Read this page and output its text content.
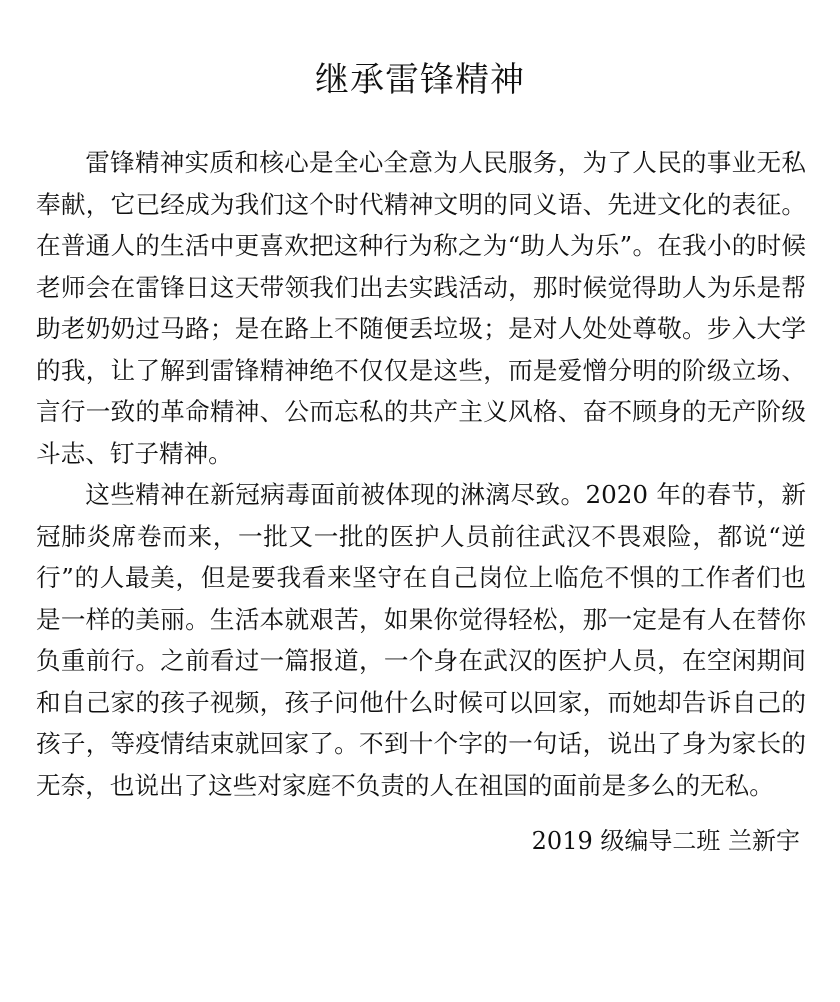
继承雷锋精神

雷锋精神实质和核心是全心全意为人民服务，为了人民的事业无私奉献，它已经成为我们这个时代精神文明的同义语、先进文化的表征。在普通人的生活中更喜欢把这种行为称之为“助人为乐”。在我小的时候老师会在雷锋日这天带领我们出去实践活动，那时候觉得助人为乐是帮助老奶奶过马路；是在路上不随便丢垃圾；是对人处处尊敬。步入大学的我，让了解到雷锋精神绝不仅仅是这些，而是爱憎分明的阶级立场、言行一致的革命精神、公而忘私的共产主义风格、奋不顾身的无产阶级斗志、钉子精神。

这些精神在新冠病毒面前被体现的淋漓尽致。2020 年的春节，新冠肺炎席卷而来，一批又一批的医护人员前往武汉不畏艰险，都说“逆行”的人最美，但是要我看来坚守在自己岗位上临危不惧的工作者们也是一样的美丽。生活本就艰苦，如果你觉得轻松，那一定是有人在替你负重前行。之前看过一篇报道，一个身在武汉的医护人员，在空闲期间和自己家的孩子视频，孩子问他什么时候可以回家，而她却告诉自己的孩子，等疫情结束就回家了。不到十个字的一句话，说出了身为家长的无奈，也说出了这些对家庭不负责的人在祖国的面前是多么的无私。

2019 级编导二班 兰新宇
